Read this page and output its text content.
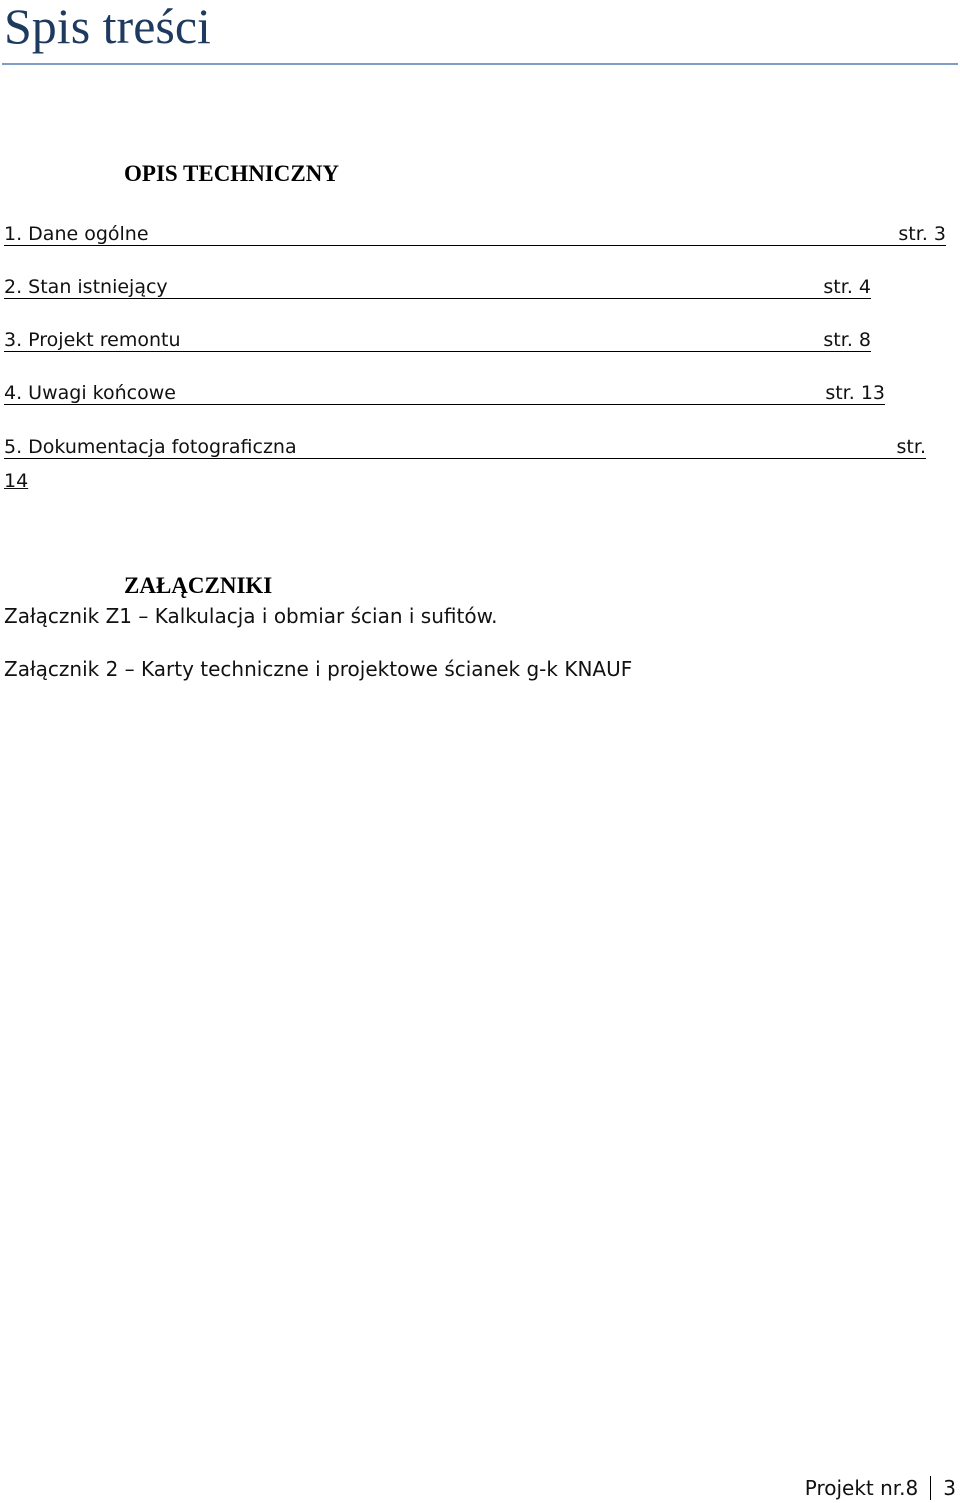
Spis treści
OPIS TECHNICZNY
1. Dane ogólne	str. 3
2. Stan istniejący	str. 4
3. Projekt remontu	str. 8
4. Uwagi końcowe	str. 13
5. Dokumentacja fotograficzna	str.
14
ZAŁĄCZNIKI

Załącznik Z1 – Kalkulacja i obmiar ścian i sufitów.

Załącznik 2 – Karty techniczne i projektowe ścianek g-k KNAUF

Projekt nr.8 3
